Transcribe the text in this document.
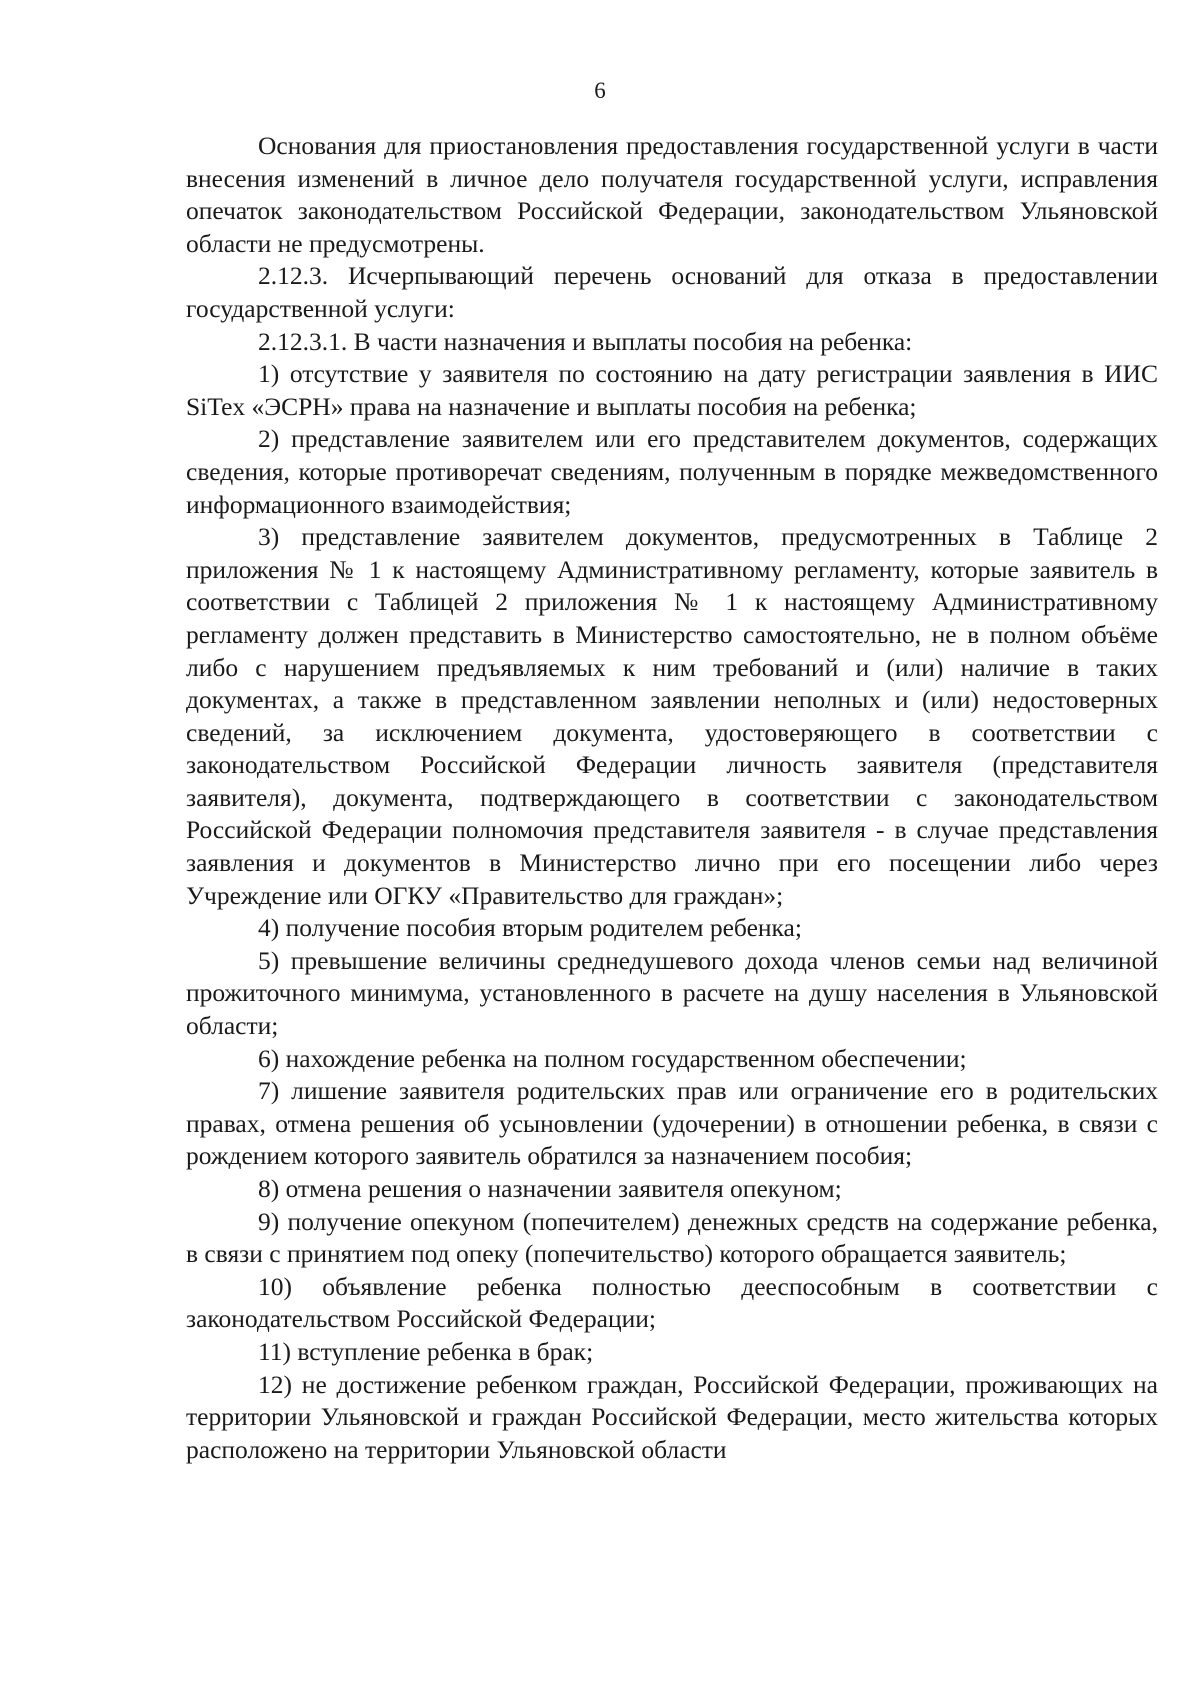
6

Основания для приостановления предоставления государственной услуги в части внесения изменений в личное дело получателя государственной услуги, исправления опечаток законодательством Российской Федерации, законодательством Ульяновской области не предусмотрены.

2.12.3. Исчерпывающий перечень оснований для отказа в предоставлении государственной услуги:

2.12.3.1. В части назначения и выплаты пособия на ребенка:

1) отсутствие у заявителя по состоянию на дату регистрации заявления в ИИС SiTex «ЭСРН» права на назначение и выплаты пособия на ребенка;

2) представление заявителем или его представителем документов, содержащих сведения, которые противоречат сведениям, полученным в порядке межведомственного информационного взаимодействия;

3) представление заявителем документов, предусмотренных в Таблице 2 приложения № 1 к настоящему Административному регламенту, которые заявитель в соответствии с Таблицей 2 приложения № 1 к настоящему Административному регламенту должен представить в Министерство самостоятельно, не в полном объёме либо с нарушением предъявляемых к ним требований и (или) наличие в таких документах, а также в представленном заявлении неполных и (или) недостоверных сведений, за исключением документа, удостоверяющего в соответствии с законодательством Российской Федерации личность заявителя (представителя заявителя), документа, подтверждающего в соответствии с законодательством Российской Федерации полномочия представителя заявителя - в случае представления заявления и документов в Министерство лично при его посещении либо через Учреждение или ОГКУ «Правительство для граждан»;

4) получение пособия вторым родителем ребенка;

5) превышение величины среднедушевого дохода членов семьи над величиной прожиточного минимума, установленного в расчете на душу населения в Ульяновской области;

6) нахождение ребенка на полном государственном обеспечении;

7) лишение заявителя родительских прав или ограничение его в родительских правах, отмена решения об усыновлении (удочерении) в отношении ребенка, в связи с рождением которого заявитель обратился за назначением пособия;

8) отмена решения о назначении заявителя опекуном;

9) получение опекуном (попечителем) денежных средств на содержание ребенка, в связи с принятием под опеку (попечительство) которого обращается заявитель;

10) объявление ребенка полностью дееспособным в соответствии с законодательством Российской Федерации;

11) вступление ребенка в брак;

12) не достижение ребенком граждан, Российской Федерации, проживающих на территории Ульяновской и граждан Российской Федерации, место жительства которых расположено на территории Ульяновской области
